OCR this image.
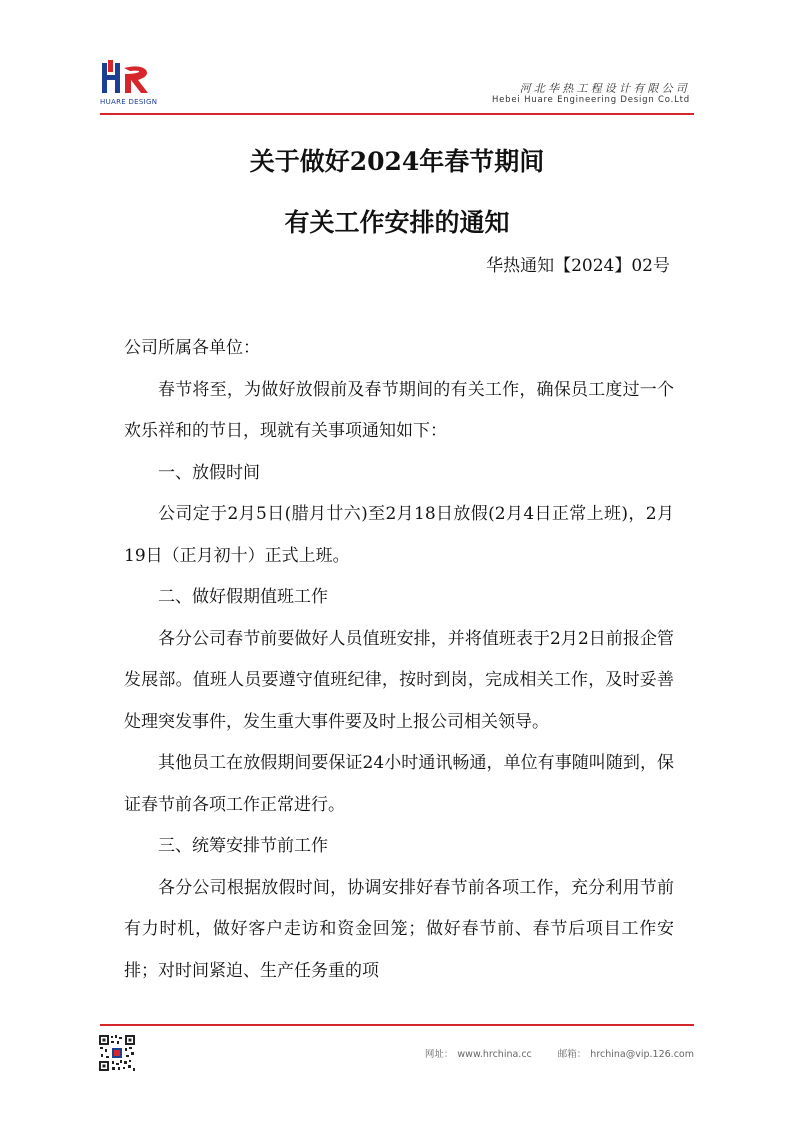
HUARE DESIGN
河北华热工程设计有限公司
Hebei Huare Engineering Design Co.Ltd
关于做好2024年春节期间
有关工作安排的通知
华热通知【2024】02号

公司所属各单位：

春节将至，为做好放假前及春节期间的有关工作，确保员工度过一个欢乐祥和的节日，现就有关事项通知如下：

一、放假时间

公司定于2月5日(腊月廿六)至2月18日放假(2月4日正常上班)，2月19日（正月初十）正式上班。

二、做好假期值班工作

各分公司春节前要做好人员值班安排，并将值班表于2月2日前报企管发展部。值班人员要遵守值班纪律，按时到岗，完成相关工作，及时妥善处理突发事件，发生重大事件要及时上报公司相关领导。

其他员工在放假期间要保证24小时通讯畅通，单位有事随叫随到，保证春节前各项工作正常进行。

三、统筹安排节前工作

各分公司根据放假时间，协调安排好春节前各项工作，充分利用节前有力时机，做好客户走访和资金回笼；做好春节前、春节后项目工作安排；对时间紧迫、生产任务重的项

网址： www.hrchina.cc	邮箱： hrchina@vip.126.com
